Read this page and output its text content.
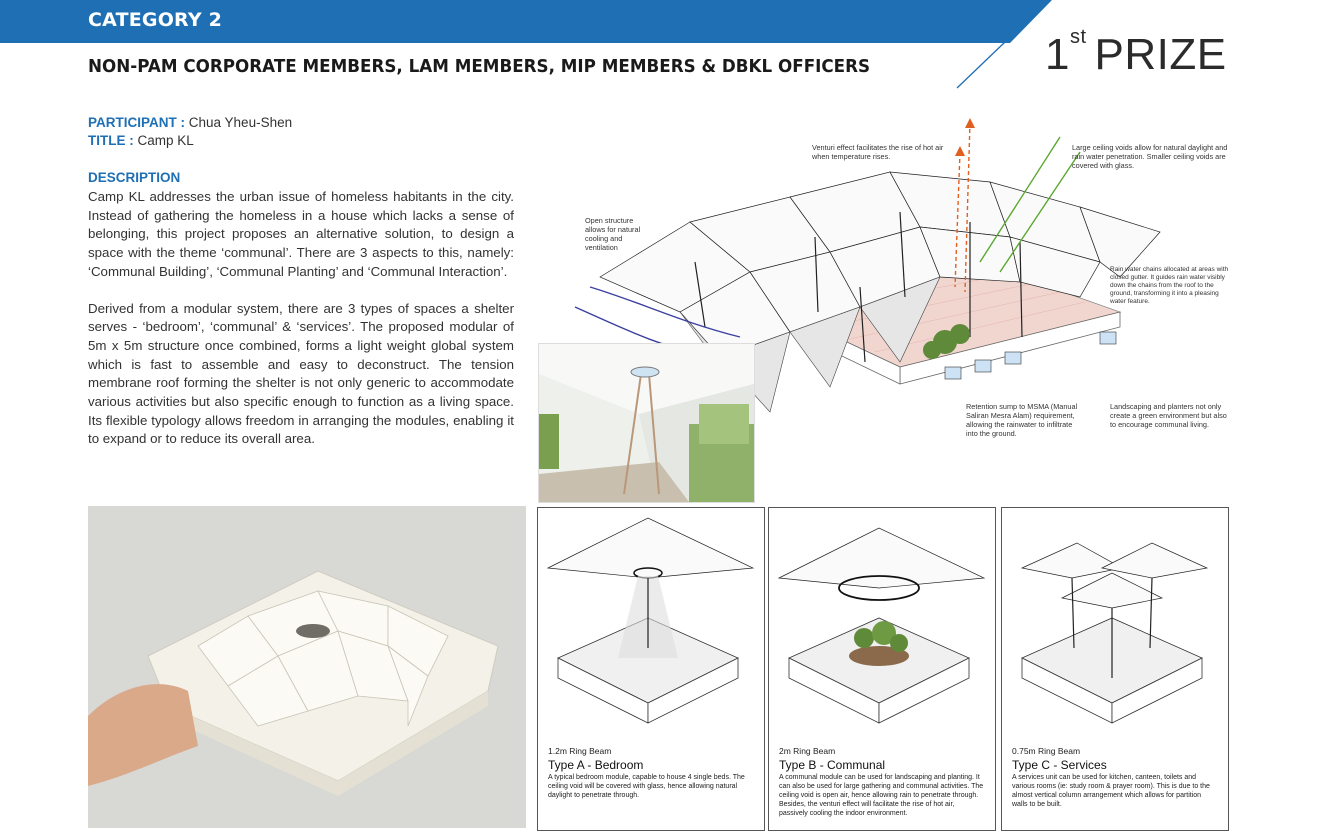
CATEGORY 2
NON-PAM CORPORATE MEMBERS, LAM MEMBERS, MIP MEMBERS & DBKL OFFICERS	1st PRIZE
PARTICIPANT : Chua Yheu-Shen
TITLE : Camp KL
DESCRIPTION

Camp KL addresses the urban issue of homeless habitants in the city. Instead of gathering the homeless in a house which lacks a sense of belonging, this project proposes an alternative solution, to design a space with the theme ‘communal’. There are 3 aspects to this, namely: ‘Communal Building’, ‘Communal Planting’ and ‘Communal Interaction’.

Derived from a modular system, there are 3 types of spaces a shelter serves - ‘bedroom’, ‘communal’ & ‘services’. The proposed modular of 5m x 5m structure once combined, forms a light weight global system which is fast to assemble and easy to deconstruct. The tension membrane roof forming the shelter is not only generic to accommodate various activities but also specific enough to function as a living space. Its flexible typology allows freedom in arranging the modules, enabling it to expand or to reduce its overall area.

Venturi effect facilitates the rise of hot air when temperature rises.
Large ceiling voids allow for natural daylight and rain water penetration. Smaller ceiling voids are covered with glass.
Open structure allows for natural cooling and ventilation
Rain water chains allocated at areas with closed gutter. It guides rain water visibly down the chains from the roof to the ground, transforming it into a pleasing water feature.
Retention sump to MSMA (Manual Saliran Mesra Alam) requirement, allowing the rainwater to infiltrate into the ground.
Landscaping and planters not only create a green environment but also to encourage communal living.
1.2m Ring Beam
Type A - Bedroom
A typical bedroom module, capable to house 4 single beds. The ceiling void will be covered with glass, hence allowing natural daylight to penetrate through.
2m Ring Beam
Type B - Communal
A communal module can be used for landscaping and planting. It can also be used for large gathering and communal activities. The ceiling void is open air, hence allowing rain to penetrate through. Besides, the venturi effect will facilitate the rise of hot air, passively cooling the indoor environment.
0.75m Ring Beam
Type C - Services
A services unit can be used for kitchen, canteen, toilets and various rooms (ie: study room & prayer room). This is due to the almost vertical column arrangement which allows for partition walls to be built.
